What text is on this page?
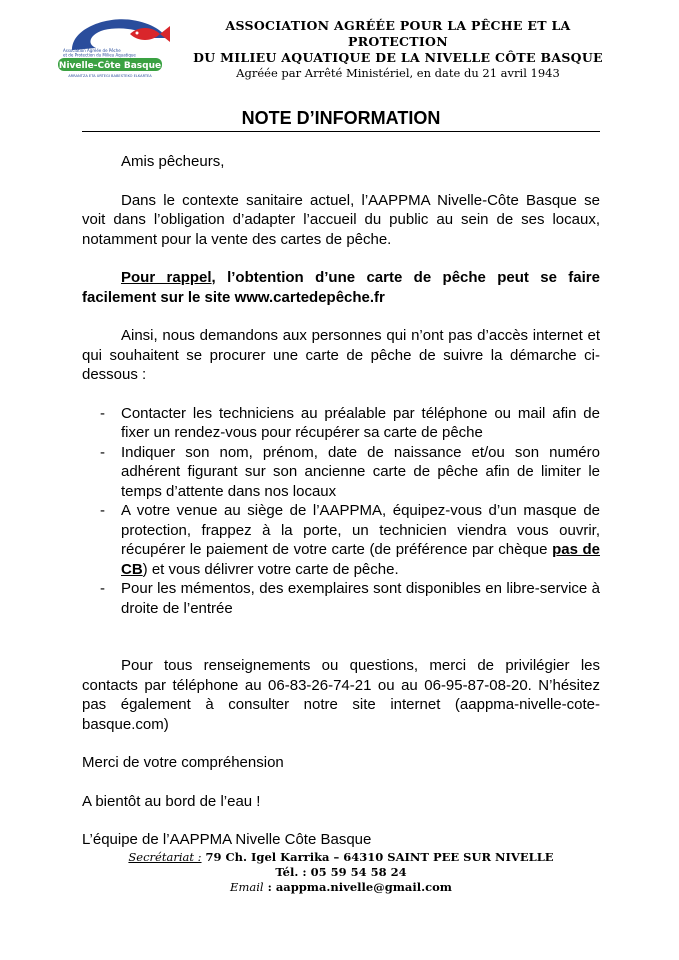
Association Agréée de Pêche
et de Protection du Milieu Aquatique
Nivelle-Côte Basque
ARRANTZA ETA URTEGI BABESTEKO ELKARTEA
ASSOCIATION AGRÉÉE POUR LA PÊCHE ET LA PROTECTION
DU MILIEU AQUATIQUE DE LA NIVELLE CÔTE BASQUE
Agréée par Arrêté Ministériel, en date du 21 avril 1943
NOTE D’INFORMATION

Amis pêcheurs,

Dans le contexte sanitaire actuel, l’AAPPMA Nivelle-Côte Basque se voit dans l’obligation d’adapter l’accueil du public au sein de ses locaux, notamment pour la vente des cartes de pêche.

Pour rappel, l’obtention d’une carte de pêche peut se faire facilement sur le site www.cartedepêche.fr

Ainsi, nous demandons aux personnes qui n’ont pas d’accès internet et qui souhaitent se procurer une carte de pêche de suivre la démarche ci-dessous :

- Contacter les techniciens au préalable par téléphone ou mail afin de fixer un rendez-vous pour récupérer sa carte de pêche
- Indiquer son nom, prénom, date de naissance et/ou son numéro adhérent figurant sur son ancienne carte de pêche afin de limiter le temps d’attente dans nos locaux
- A votre venue au siège de l’AAPPMA, équipez-vous d’un masque de protection, frappez à la porte, un technicien viendra vous ouvrir, récupérer le paiement de votre carte (de préférence par chèque pas de CB) et vous délivrer votre carte de pêche.
- Pour les mémentos, des exemplaires sont disponibles en libre-service à droite de l’entrée

Pour tous renseignements ou questions, merci de privilégier les contacts par téléphone au 06-83-26-74-21 ou au 06-95-87-08-20. N’hésitez pas également à consulter notre site internet (aappma-nivelle-cote-basque.com)

Merci de votre compréhension

A bientôt au bord de l’eau !

L’équipe de l’AAPPMA Nivelle Côte Basque

Secrétariat : 79 Ch. Igel Karrika – 64310 SAINT PEE SUR NIVELLE
Tél. : 05 59 54 58 24
Email : aappma.nivelle@gmail.com
